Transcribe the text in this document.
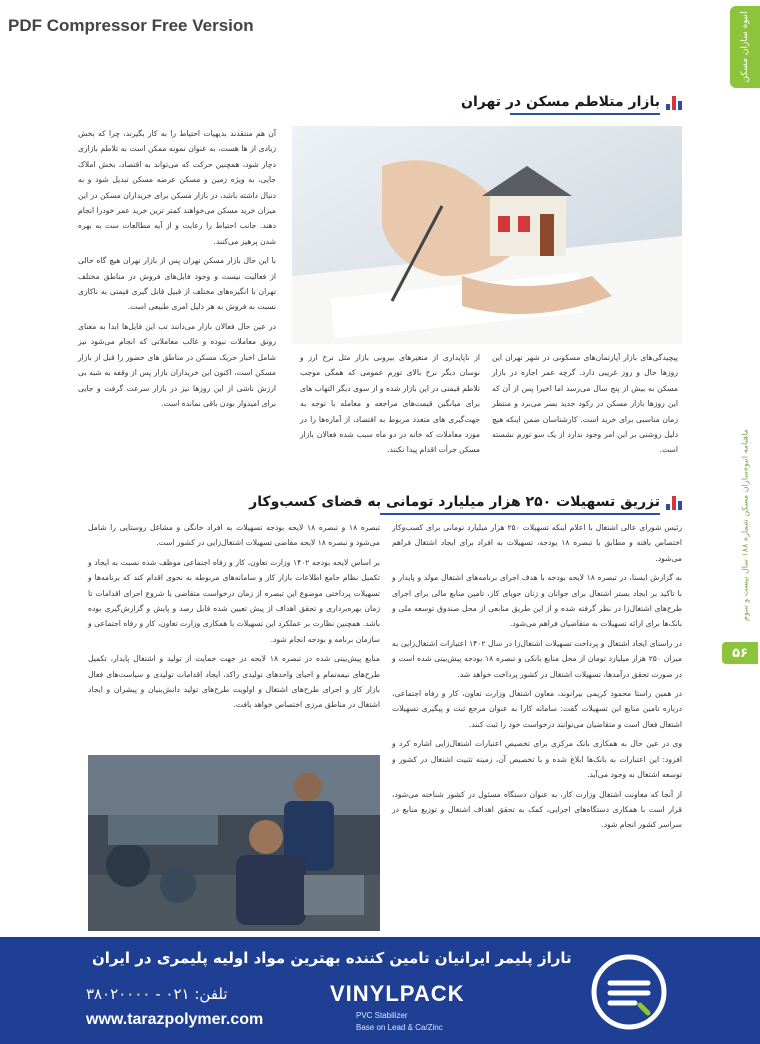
PDF Compressor Free Version	انبوه سازان مسکن
ماهنامه انبوه‌سازان مسکن شماره ۱۸۸ سال بیست و سوم
۵۶
بازار متلاطم مسکن در تهران

آن هم منتقدند بدیهیات احتیاط را به کار بگیرند، چرا که بخش زیادی از ها هست، به عنوان نمونه ممکن است به تلاطم بازاری دچار شود، همچنین حرکت که می‌تواند به اقتصاد، بخش املاک جایی، به ویژه زمین و مسکن عرضه مسکن تبدیل شود و به دنبال داشته باشد، در بازار مسکن برای خریداران مسکن در این میزان خرید مسکن می‌خواهند کمتر ترین خرید عمر خودرا انجام دهند. جانب احتیاط را رعایت و از آیه مطالعات ست به بهره شدن پرهیز می‌کنند.

با این حال بازار مسکن تهران پس از بازار تهران هیچ گاه خالی از فعالیت نیست و وجود فایل‌های فروش در مناطق مختلف تهران با انگیزه‌های مختلف از قبیل قابل گیری قیمتی به ناکاری نسبت به فروش به هر دلیل امری طبیعی است.

در عین حال فعالان بازار می‌دانند تب این فایل‌ها ابدا به معنای رونق معاملات نبوده و غالب معاملاتی که انجام می‌شود نیز شامل اخبار حریک مسکن در مناطق های حضور را قبل از بازار مسکن است، اکنون این خریداران بازار پس از وقفه به شبه بی ارزش ناشی از این روزها نیز در بازار سرعت گرفت و جایی برای امیدوار بودن باقی نمانده است.

از ناپایداری از متغیرهای بیرونی بازار مثل نرخ ارز و نوسان دیگر نرخ بالای تورم عمومی که همگی موجب تلاطم قیمتی در این بازار شده و از سوی دیگر التهاب های برای میانگین قیمت‌های مراجعه و معامله با توجه به جهت‌گیری های متعدد مربوط به اقتصاد، از آماره‌ها را در مورد معاملات که خانه در دو ماه سبب شده فعالان بازار مسکن جرأت اقدام پیدا نکنند.

پیچیدگی‌های بازار آپارتمان‌های مسکونی در شهر تهران این روزها حال و روز غریبی دارد. گرچه عمر اجاره در بازار مسکن به بیش از پنج سال می‌رسد اما اخیرا پس از آن که این روزها بازار مسکن در رکود جدید بسر می‌برد و منتظر زمان مناسبی برای خرید است. کارشناسان ضمن اینکه هیچ دلیل روشنی بر این امر وجود ندارد از یک سو تورم نشسته است.

تزریق تسهیلات ۲۵۰ هزار میلیارد تومانی به فضای کسب‌وکار

رئیس شورای عالی اشتغال با اعلام اینکه تسهیلات ۲۵۰ هزار میلیارد تومانی برای کسب‌وکار اختصاص یافته و مطابق با تبصره ۱۸ بودجه، تسهیلات به افراد برای ایجاد اشتغال فراهم می‌شود.

به گزارش ایسنا، در تبصره ۱۸ لایحه بودجه با هدف اجرای برنامه‌های اشتغال مولد و پایدار و با تاکید بر ایجاد بستر اشتغال برای جوانان و زنان جویای کار، تامین منابع مالی برای اجرای طرح‌های اشتغال‌زا در نظر گرفته شده و از این طریق منابعی از محل صندوق توسعه ملی و بانک‌ها برای ارائه تسهیلات به متقاضیان فراهم می‌شود.

در راستای ایجاد اشتغال و پرداخت تسهیلات اشتغال‌زا در سال ۱۴۰۲ اعتبارات اشتغال‌زایی به میزان ۲۵۰ هزار میلیارد تومان از محل منابع بانکی و تبصره ۱۸ بودجه پیش‌بینی شده است و در صورت تحقق درآمدها، تسهیلات اشتغال در کشور پرداخت خواهد شد.

در همین راستا محمود کریمی بیرانوند، معاون اشتغال وزارت تعاون، کار و رفاه اجتماعی، درباره تامین منابع این تسهیلات گفت: سامانه کارا به عنوان مرجع ثبت و پیگیری تسهیلات اشتغال فعال است و متقاضیان می‌توانند درخواست خود را ثبت کنند.

وی در عین حال به همکاری بانک مرکزی برای تخصیص اعتبارات اشتغال‌زایی اشاره کرد و افزود: این اعتبارات به بانک‌ها ابلاغ شده و با تخصیص آن، زمینه تثبیت اشتغال در کشور و توسعه اشتغال به وجود می‌آید.

از آنجا که معاونت اشتغال وزارت کار، به عنوان دستگاه مسئول در کشور شناخته می‌شود، قرار است با همکاری دستگاه‌های اجرایی، کمک به تحقق اهداف اشتغال و توزیع منابع در سراسر کشور انجام شود.

تبصره ۱۸ و تبصره ۱۸ لایحه بودجه تسهیلات به افراد خانگی و مشاغل روستایی را شامل می‌شود و تبصره ۱۸ لایحه مقاضی تسهیلات اشتغال‌زایی در کشور است.

بر اساس لایحه بودجه ۱۴۰۲ وزارت تعاون، کار و رفاه اجتماعی موظف شده نسبت به ایجاد و تکمیل نظام جامع اطلاعات بازار کار و سامانه‌های مربوطه به نحوی اقدام کند که برنامه‌ها و تسهیلات پرداختی موضوع این تبصره از زمان درخواست متقاضی یا شروع اجرای اقدامات تا زمان بهره‌برداری و تحقق اهداف از پیش تعیین شده قابل رصد و پایش و گزارش‌گیری بوده باشد. همچنین نظارت بر عملکرد این تسهیلات با همکاری وزارت تعاون، کار و رفاه اجتماعی و سازمان برنامه و بودجه انجام شود.

منابع پیش‌بینی شده در تبصره ۱۸ لایحه در جهت حمایت از تولید و اشتغال پایدار، تکمیل طرح‌های نیمه‌تمام و احیای واحدهای تولیدی راکد، ایجاد اقدامات تولیدی و سیاست‌های فعال بازار کار و اجرای طرح‌های اشتغال و اولویت طرح‌های تولید دانش‌بنیان و پیشران و ایجاد اشتغال در مناطق مرزی اختصاص خواهد یافت.

تاراز پلیمر ایرانیان تامین کننده بهترین مواد اولیه پلیمری در ایران
VINYLPACK
PVC Stabilizer
Base on Lead & Ca/Zinc
تلفن: ۰۲۱ - ۳۸۰۲۰۰۰۰
www.tarazpolymer.com
